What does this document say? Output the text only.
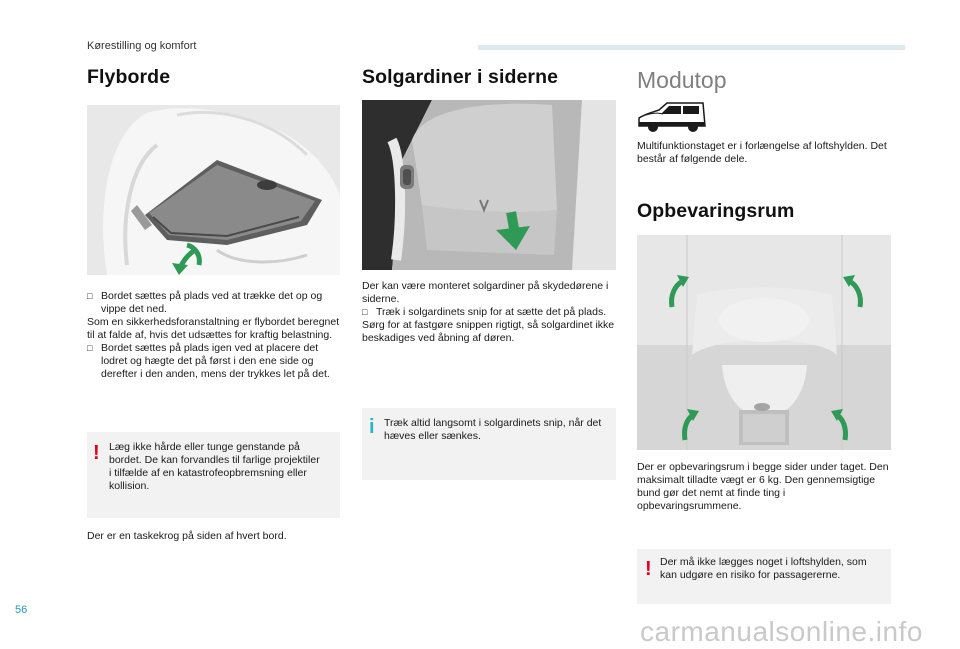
Kørestilling og komfort
Flyborde
□ Bordet sættes på plads ved at trække det op og vippe det ned.

Som en sikkerhedsforanstaltning er flybordet beregnet til at falde af, hvis det udsættes for kraftig belastning.

□ Bordet sættes på plads igen ved at placere det lodret og hægte det på først i den ene side og derefter i den anden, mens der trykkes let på det.

! Læg ikke hårde eller tunge genstande på bordet. De kan forvandles til farlige projektiler i tilfælde af en katastrofeopbremsning eller kollision.
Der er en taskekrog på siden af hvert bord.
Solgardiner i siderne

Der kan være monteret solgardiner på skydedørene i siderne.

□ Træk i solgardinets snip for at sætte det på plads.

Sørg for at fastgøre snippen rigtigt, så solgardinet ikke beskadiges ved åbning af døren.

i Træk altid langsomt i solgardinets snip, når det hæves eller sænkes.
Modutop
Multifunktionstaget er i forlængelse af loftshylden. Det består af følgende dele.
Opbevaringsrum
Der er opbevaringsrum i begge sider under taget. Den maksimalt tilladte vægt er 6 kg. Den gennemsigtige bund gør det nemt at finde ting i opbevaringsrummene.
! Der må ikke lægges noget i loftshylden, som kan udgøre en risiko for passagererne.
56
carmanualsonline.info
